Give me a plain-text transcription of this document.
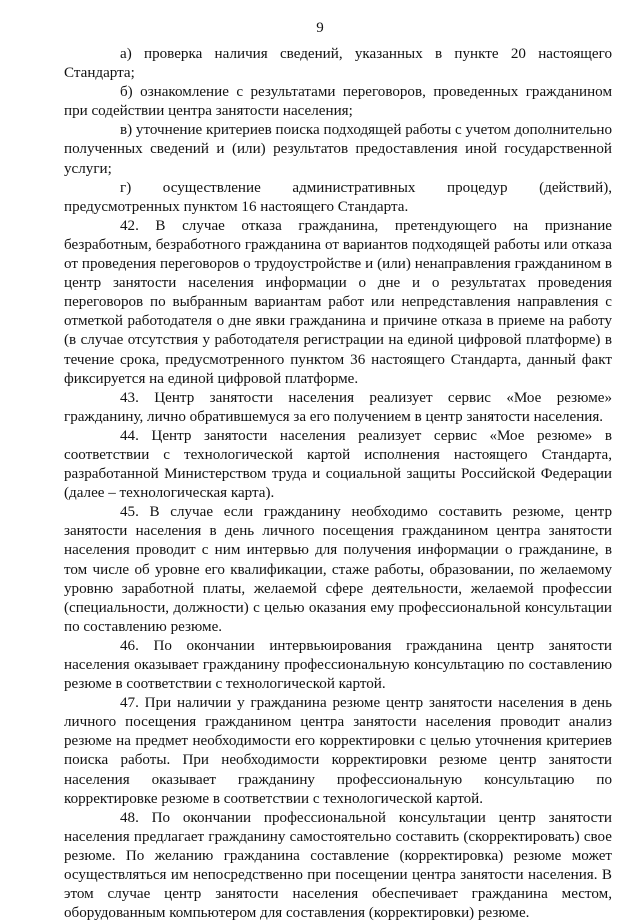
9

а) проверка наличия сведений, указанных в пункте 20 настоящего Стандарта;

б) ознакомление с результатами переговоров, проведенных гражданином при содействии центра занятости населения;

в) уточнение критериев поиска подходящей работы с учетом дополнительно полученных сведений и (или) результатов предоставления иной государственной услуги;

г) осуществление административных процедур (действий), предусмотренных пунктом 16 настоящего Стандарта.

42. В случае отказа гражданина, претендующего на признание безработным, безработного гражданина от вариантов подходящей работы или отказа от проведения переговоров о трудоустройстве и (или) ненаправления гражданином в центр занятости населения информации о дне и о результатах проведения переговоров по выбранным вариантам работ или непредставления направления с отметкой работодателя о дне явки гражданина и причине отказа в приеме на работу (в случае отсутствия у работодателя регистрации на единой цифровой платформе) в течение срока, предусмотренного пунктом 36 настоящего Стандарта, данный факт фиксируется на единой цифровой платформе.

43. Центр занятости населения реализует сервис «Мое резюме» гражданину, лично обратившемуся за его получением в центр занятости населения.

44. Центр занятости населения реализует сервис «Мое резюме» в соответствии с технологической картой исполнения настоящего Стандарта, разработанной Министерством труда и социальной защиты Российской Федерации (далее – технологическая карта).

45. В случае если гражданину необходимо составить резюме, центр занятости населения в день личного посещения гражданином центра занятости населения проводит с ним интервью для получения информации о гражданине, в том числе об уровне его квалификации, стаже работы, образовании, по желаемому уровню заработной платы, желаемой сфере деятельности, желаемой профессии (специальности, должности) с целью оказания ему профессиональной консультации по составлению резюме.

46. По окончании интервьюирования гражданина центр занятости населения оказывает гражданину профессиональную консультацию по составлению резюме в соответствии с технологической картой.

47. При наличии у гражданина резюме центр занятости населения в день личного посещения гражданином центра занятости населения проводит анализ резюме на предмет необходимости его корректировки с целью уточнения критериев поиска работы. При необходимости корректировки резюме центр занятости населения оказывает гражданину профессиональную консультацию по корректировке резюме в соответствии с технологической картой.

48. По окончании профессиональной консультации центр занятости населения предлагает гражданину самостоятельно составить (скорректировать) свое резюме. По желанию гражданина составление (корректировка) резюме может осуществляться им непосредственно при посещении центра занятости населения. В этом случае центр занятости населения обеспечивает гражданина местом, оборудованным компьютером для составления (корректировки) резюме.
